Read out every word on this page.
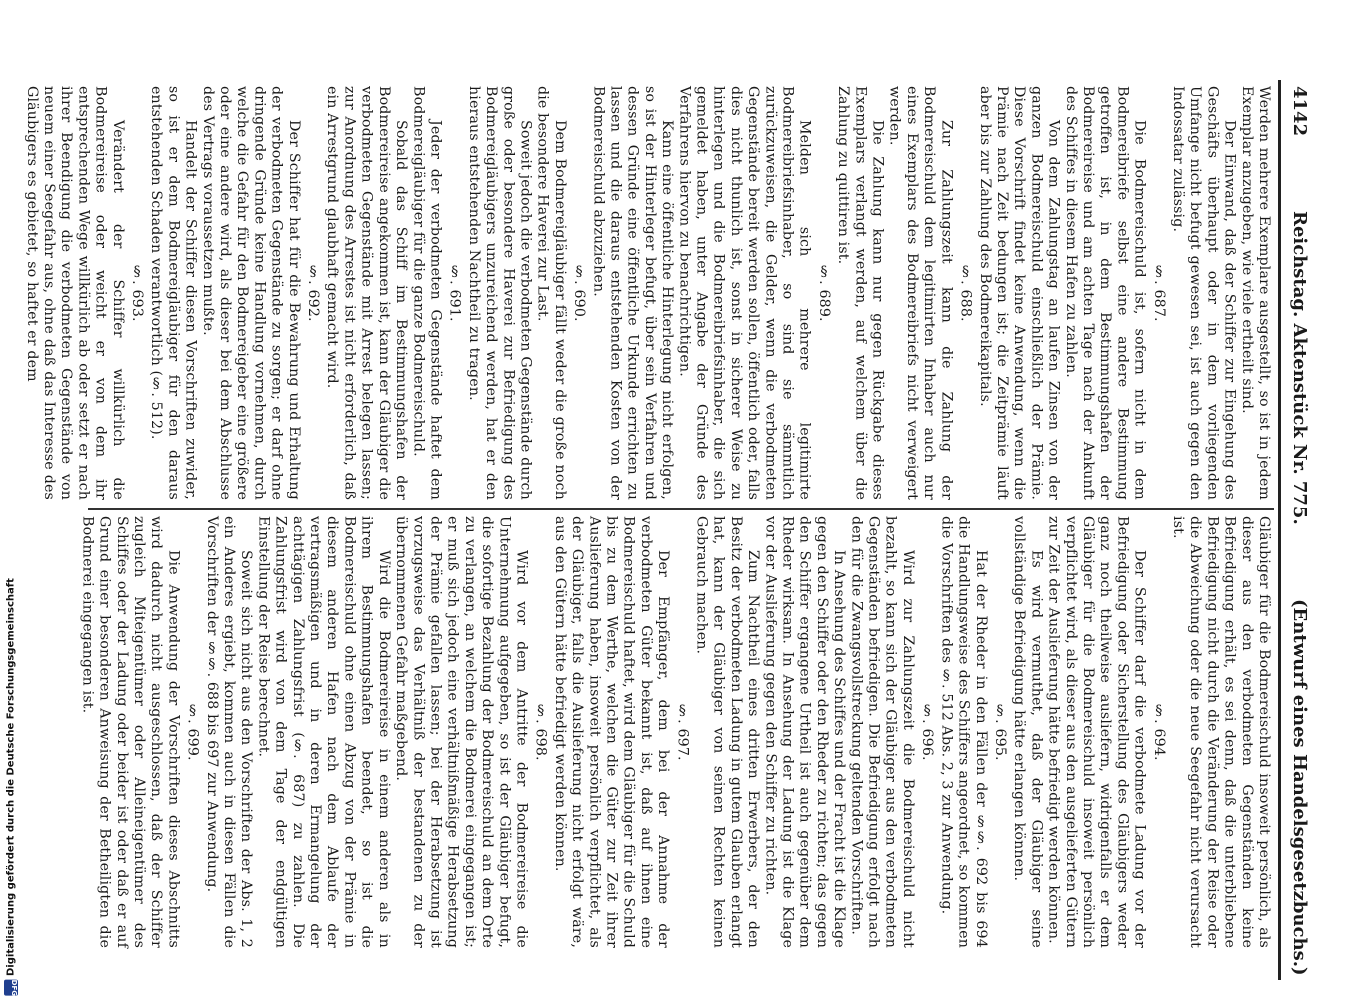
4142
Reichstag. Aktenstück Nr. 775.
(Entwurf eines Handelsgesetzbuchs.)

Werden mehrere Exemplare ausgestellt, so ist in jedem Exemplar anzugeben, wie viele ertheilt sind.

Der Einwand, daß der Schiffer zur Eingehung des Geschäfts überhaupt oder in dem vorliegenden Umfange nicht befugt gewesen sei, ist auch gegen den Indossatar zulässig.

§. 687.

Die Bodmereischuld ist, sofern nicht in dem Bodmereibriefe selbst eine andere Bestimmung getroffen ist, in dem Bestimmungshafen der Bodmereireise und am achten Tage nach der Ankunft des Schiffes in diesem Hafen zu zahlen.

Von dem Zahlungstag an laufen Zinsen von der ganzen Bodmereischuld einschließlich der Prämie. Diese Vorschrift findet keine Anwendung, wenn die Prämie nach Zeit bedungen ist; die Zeitprämie läuft aber bis zur Zahlung des Bodmereikapitals.

§. 688.

Zur Zahlungszeit kann die Zahlung der Bodmereischuld dem legitimirten Inhaber auch nur eines Exemplars des Bodmereibriefs nicht verweigert werden.

Die Zahlung kann nur gegen Rückgabe dieses Exemplars verlangt werden, auf welchem über die Zahlung zu quittiren ist.

§. 689.

Melden sich mehrere legitimirte Bodmereibriefsinhaber, so sind sie sämmtlich zurückzuweisen, die Gelder, wenn die verbodmeten Gegenstände bereit werden sollen, öffentlich oder, falls dies nicht thunlich ist, sonst in sicherer Weise zu hinterlegen und die Bodmereibriefsinhaber, die sich gemeldet haben, unter Angabe der Gründe des Verfahrens hiervon zu benachrichtigen.

Kann eine öffentliche Hinterlegung nicht erfolgen, so ist der Hinterleger befugt, über sein Verfahren und dessen Gründe eine öffentliche Urkunde errichten zu lassen und die daraus entstehenden Kosten von der Bodmereischuld abzuziehen.

§. 690.

Dem Bodmereigläubiger fällt weder die große noch die besondere Haverei zur Last.

Soweit jedoch die verbodmeten Gegenstände durch große oder besondere Haverei zur Befriedigung des Bodmereigläubigers unzureichend werden, hat er den hieraus entstehenden Nachtheil zu tragen.

§. 691.

Jeder der verbodmeten Gegenstände haftet dem Bodmereigläubiger für die ganze Bodmereischuld.

Sobald das Schiff im Bestimmungshafen der Bodmereireise angekommen ist, kann der Gläubiger die verbodmeten Gegenstände mit Arrest belegen lassen; zur Anordnung des Arrestes ist nicht erforderlich, daß ein Arrestgrund glaubhaft gemacht wird.

§. 692.

Der Schiffer hat für die Bewahrung und Erhaltung der verbodmeten Gegenstände zu sorgen; er darf ohne dringende Gründe keine Handlung vornehmen, durch welche die Gefahr für den Bodmereigeber eine größere oder eine andere wird, als dieser bei dem Abschlusse des Vertrags voraussetzen mußte.

Handelt der Schiffer diesen Vorschriften zuwider, so ist er dem Bodmereigläubiger für den daraus entstehenden Schaden verantwortlich (§. 512).

§. 693.

Verändert der Schiffer willkürlich die Bodmereireise oder weicht er von dem ihr entsprechenden Wege willkürlich ab oder setzt er nach ihrer Beendigung die verbodmeten Gegenstände von neuem einer Seegefahr aus, ohne daß das Interesse des Gläubigers es gebietet, so haftet er dem

Gläubiger für die Bodmereischuld insoweit persönlich, als dieser aus den verbodmeten Gegenständen keine Befriedigung erhält, es sei denn, daß die unterbliebene Befriedigung nicht durch die Veränderung der Reise oder die Abweichung oder die neue Seegefahr nicht verursacht ist.

§. 694.

Der Schiffer darf die verbodmete Ladung vor der Befriedigung oder Sicherstellung des Gläubigers weder ganz noch theilweise ausliefern, widrigenfalls er dem Gläubiger für die Bodmereischuld insoweit persönlich verpflichtet wird, als dieser aus den ausgelieferten Gütern zur Zeit der Auslieferung hätte befriedigt werden können.

Es wird vermuthet, daß der Gläubiger seine vollständige Befriedigung hätte erlangen können.

§. 695.

Hat der Rheder in den Fällen der §§. 692 bis 694 die Handlungsweise des Schiffers angeordnet, so kommen die Vorschriften des §. 512 Abs. 2, 3 zur Anwendung.

§. 696.

Wird zur Zahlungszeit die Bodmereischuld nicht bezahlt, so kann sich der Gläubiger aus den verbodmeten Gegenständen befriedigen. Die Befriedigung erfolgt nach den für die Zwangsvollstreckung geltenden Vorschriften.

In Ansehung des Schiffes und der Fracht ist die Klage gegen den Schiffer oder den Rheder zu richten; das gegen den Schiffer ergangene Urtheil ist auch gegenüber dem Rheder wirksam. In Ansehung der Ladung ist die Klage vor der Auslieferung gegen den Schiffer zu richten.

Zum Nachtheil eines dritten Erwerbers, der den Besitz der verbodmeten Ladung in gutem Glauben erlangt hat, kann der Gläubiger von seinen Rechten keinen Gebrauch machen.

§. 697.

Der Empfänger, dem bei der Annahme der verbodmeten Güter bekannt ist, daß auf ihnen eine Bodmereischuld haftet, wird dem Gläubiger für die Schuld bis zu dem Werthe, welchen die Güter zur Zeit ihrer Auslieferung haben, insoweit persönlich verpflichtet, als der Gläubiger, falls die Auslieferung nicht erfolgt wäre, aus den Gütern hätte befriedigt werden können.

§. 698.

Wird vor dem Antritte der Bodmereireise die Unternehmung aufgegeben, so ist der Gläubiger befugt, die sofortige Bezahlung der Bodmereischuld an dem Orte zu verlangen, an welchem die Bodmerei eingegangen ist; er muß sich jedoch eine verhältnißmäßige Herabsetzung der Prämie gefallen lassen; bei der Herabsetzung ist vorzugsweise das Verhältniß der bestandenen zu der übernommenen Gefahr maßgebend.

Wird die Bodmereireise in einem anderen als in ihrem Bestimmungshafen beendet, so ist die Bodmereischuld ohne einen Abzug von der Prämie in diesem anderen Hafen nach dem Ablaufe der vertragsmäßigen und in deren Ermangelung der achttägigen Zahlungsfrist (§. 687) zu zahlen. Die Zahlungsfrist wird von dem Tage der endgültigen Einstellung der Reise berechnet.

Soweit sich nicht aus den Vorschriften der Abs. 1, 2 ein Anderes ergiebt, kommen auch in diesen Fällen die Vorschriften der §§. 688 bis 697 zur Anwendung.

§. 699.

Die Anwendung der Vorschriften dieses Abschnitts wird dadurch nicht ausgeschlossen, daß der Schiffer zugleich Miteigentümer oder Alleineigentümer des Schiffes oder der Ladung oder beider ist oder daß er auf Grund einer besonderen Anweisung der Betheiligten die Bodmerei eingegangen ist.

DFG
Digitalisierung gefördert durch die Deutsche Forschungsgemeinschaft
